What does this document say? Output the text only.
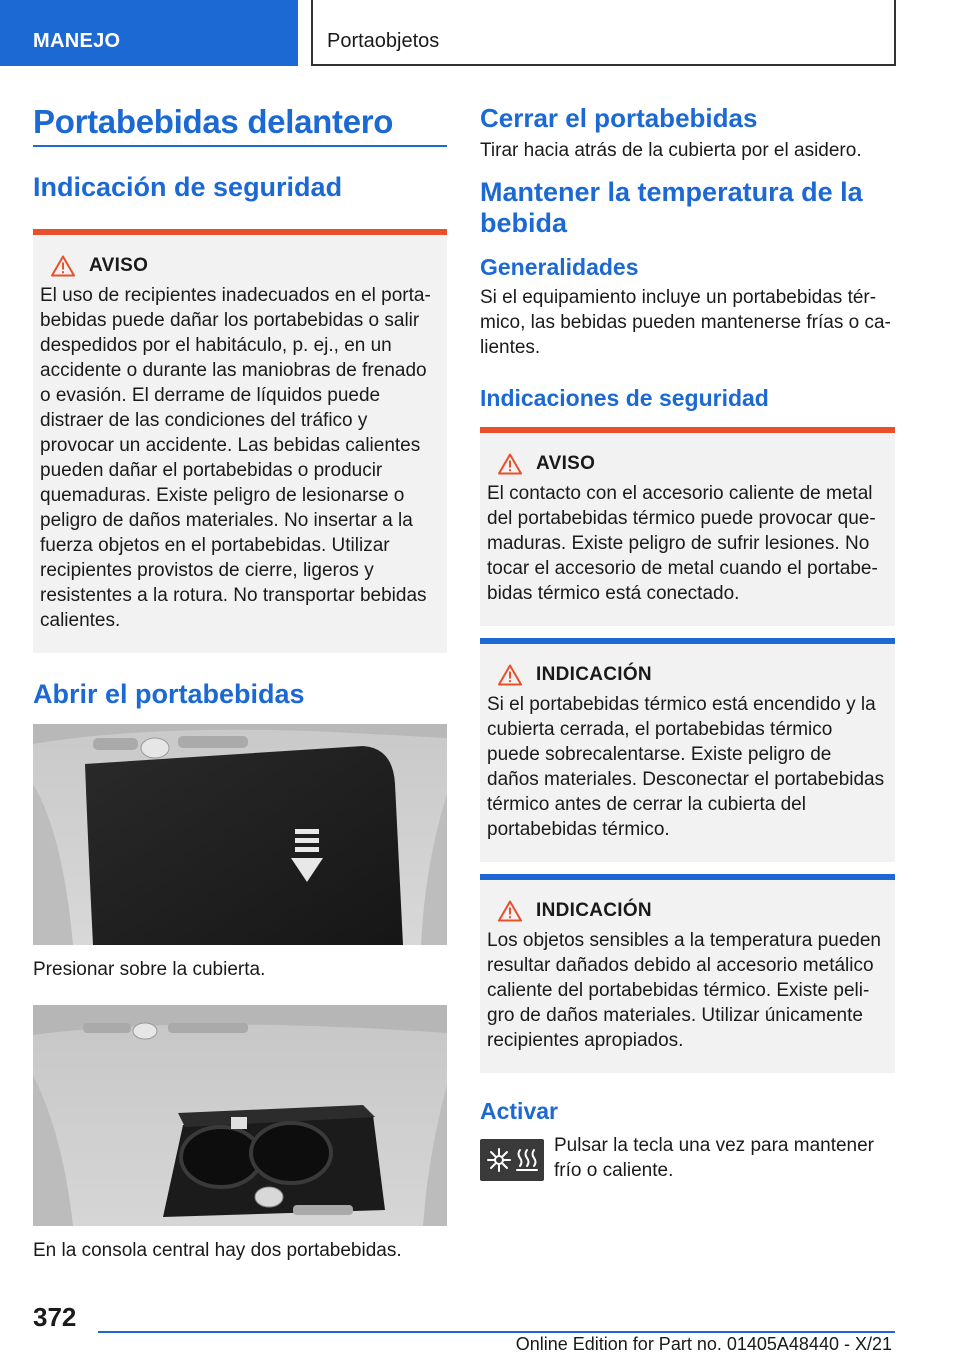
MANEJO	Portaobjetos
Portabebidas delantero
Indicación de seguridad
AVISO

El uso de recipientes inadecuados en el portabebidas puede dañar los portabebidas o salir despedidos por el habitáculo, p. ej., en un accidente o durante las maniobras de frenado o evasión. El derrame de líquidos puede distraer de las condiciones del tráfico y provocar un accidente. Las bebidas calientes pueden dañar el portabebidas o producir quemaduras. Existe peligro de lesionarse o peligro de daños materiales. No insertar a la fuerza objetos en el portabebidas. Utilizar recipientes provistos de cierre, ligeros y resistentes a la rotura. No transportar bebidas calientes.

Abrir el portabebidas

Presionar sobre la cubierta.

En la consola central hay dos portabebidas.

Cerrar el portabebidas

Tirar hacia atrás de la cubierta por el asidero.

Mantener la temperatura de la bebida
Generalidades

Si el equipamiento incluye un portabebidas térmico, las bebidas pueden mantenerse frías o calientes.

Indicaciones de seguridad
AVISO

El contacto con el accesorio caliente de metal del portabebidas térmico puede provocar quemaduras. Existe peligro de sufrir lesiones. No tocar el accesorio de metal cuando el portabebidas térmico está conectado.

INDICACIÓN

Si el portabebidas térmico está encendido y la cubierta cerrada, el portabebidas térmico puede sobrecalentarse. Existe peligro de daños materiales. Desconectar el portabebidas térmico antes de cerrar la cubierta del portabebidas térmico.

INDICACIÓN

Los objetos sensibles a la temperatura pueden resultar dañados debido al accesorio metálico caliente del portabebidas térmico. Existe peligro de daños materiales. Utilizar únicamente recipientes apropiados.

Activar

Pulsar la tecla una vez para mantener frío o caliente.

372
Online Edition for Part no. 01405A48440 - X/21
